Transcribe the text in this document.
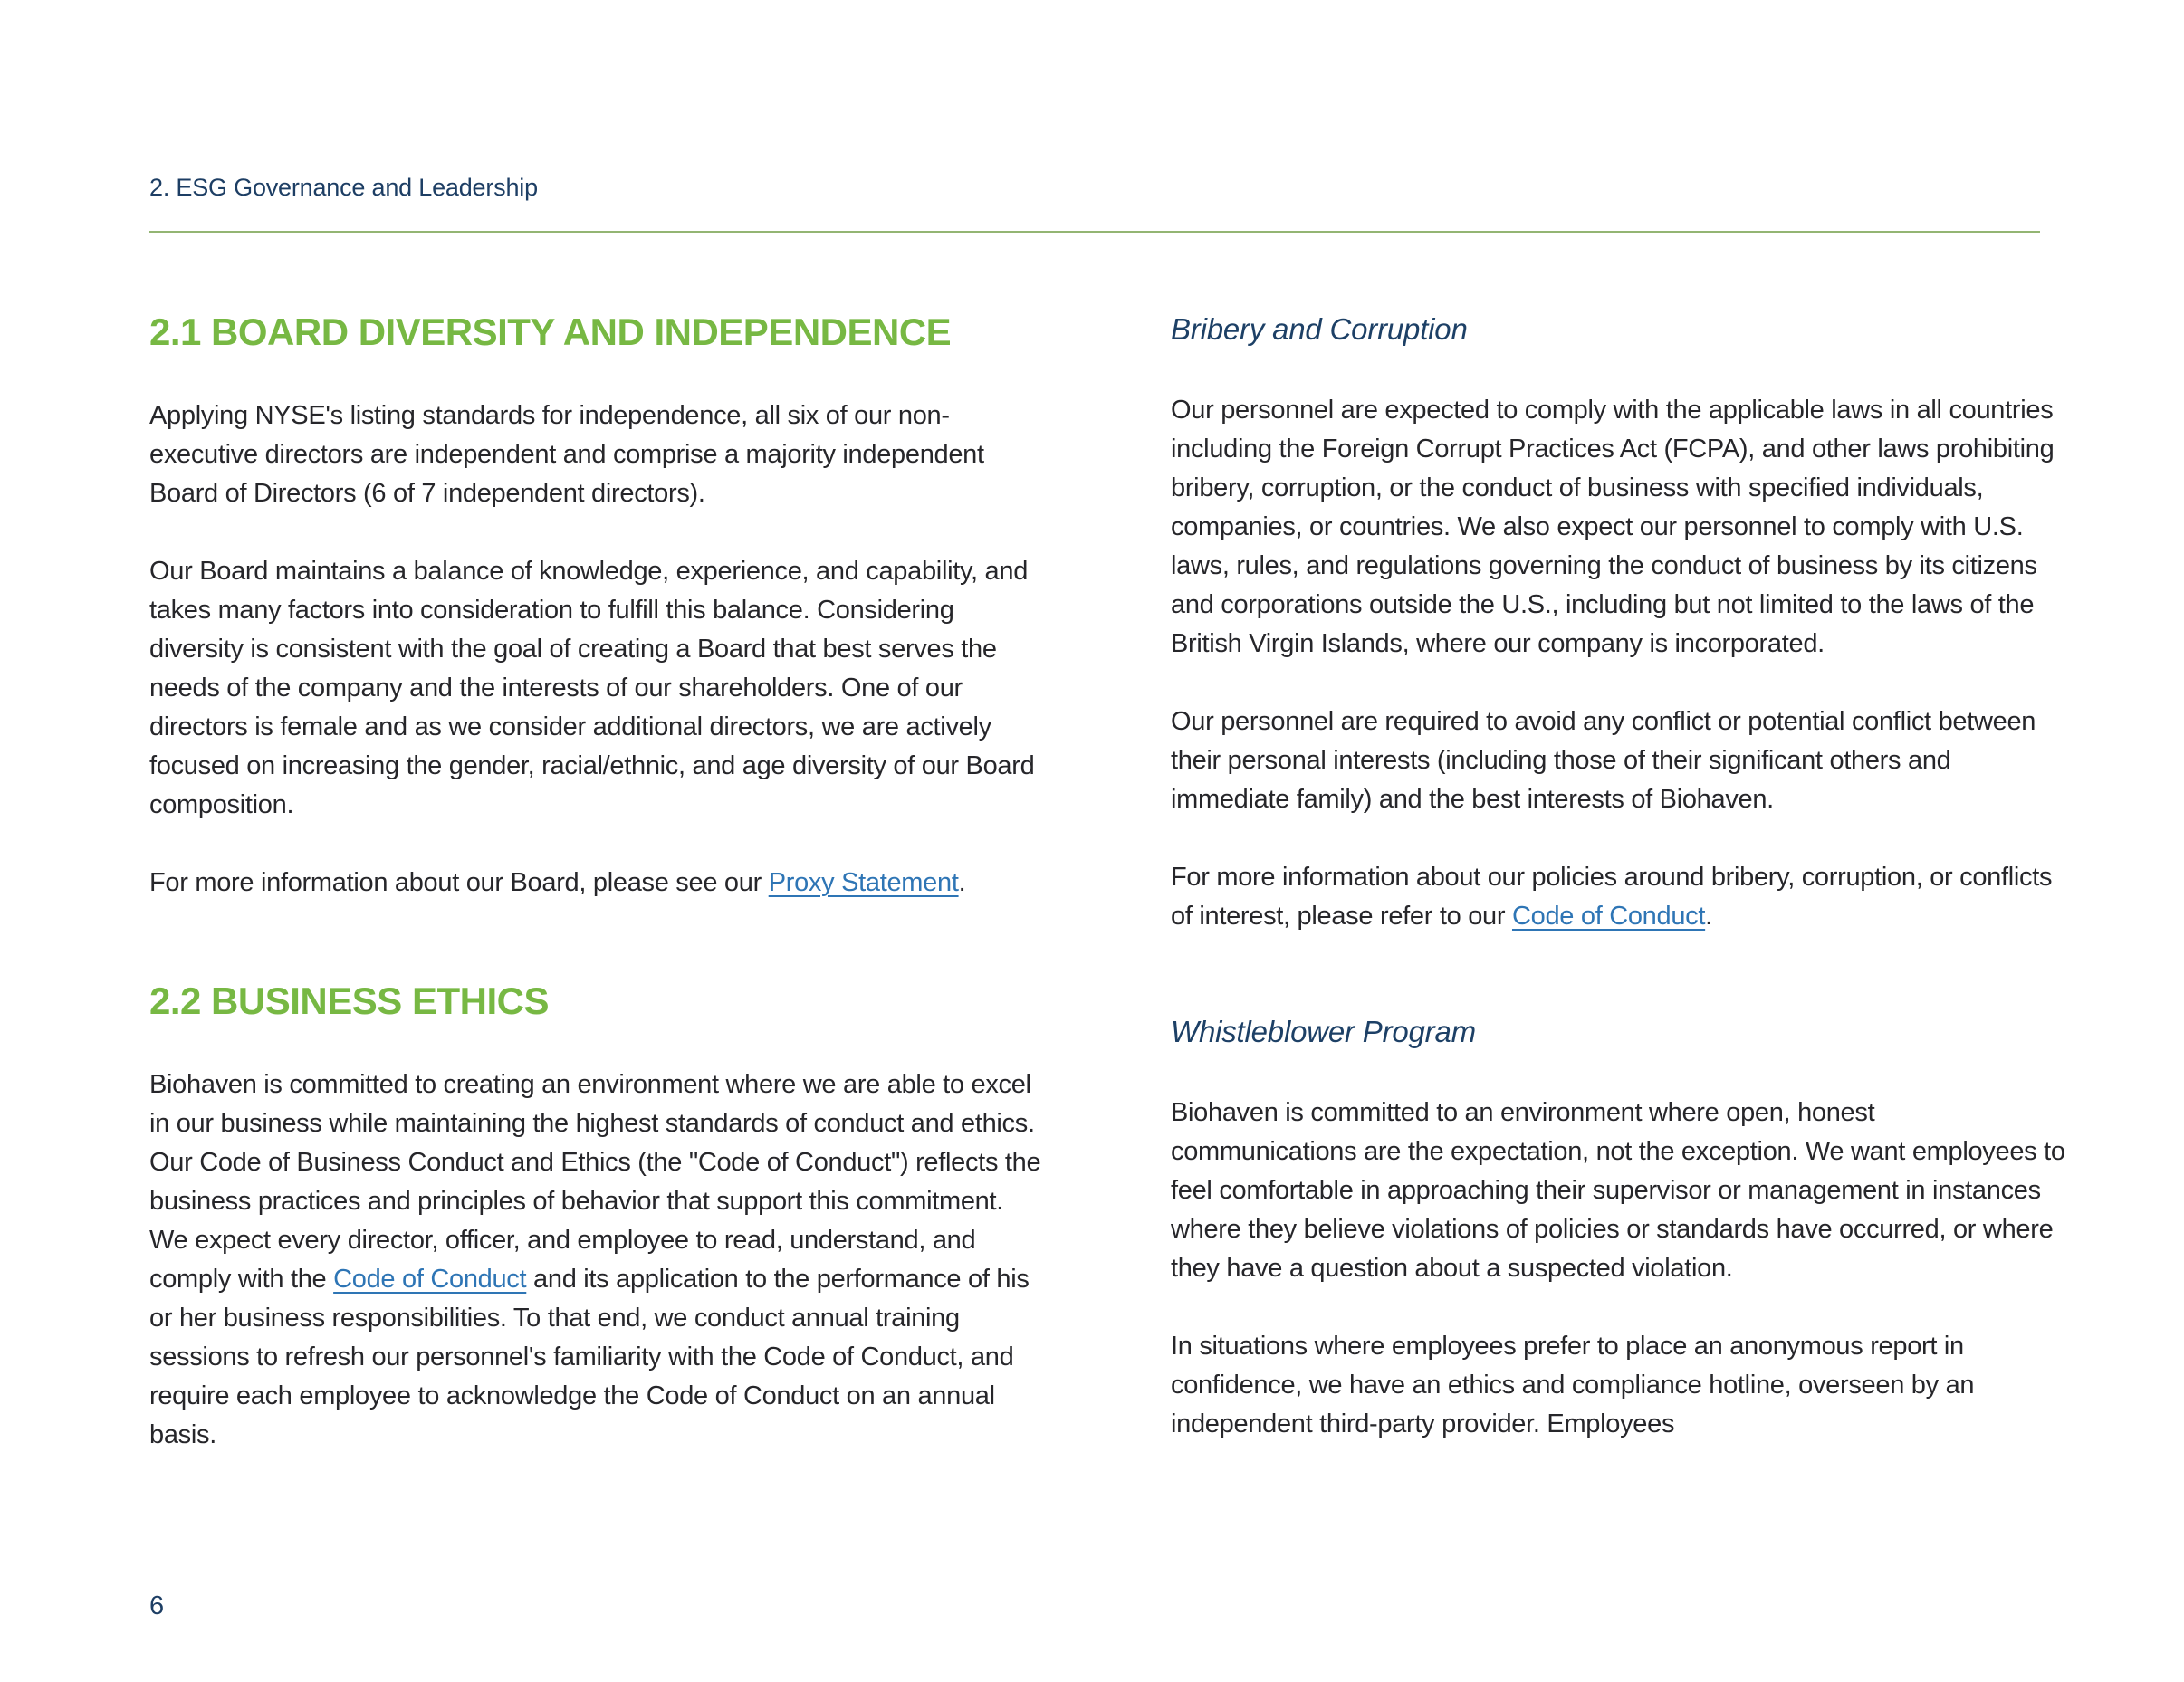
2. ESG Governance and Leadership
2.1 BOARD DIVERSITY AND INDEPENDENCE

Applying NYSE's listing standards for independence, all six of our non-executive directors are independent and comprise a majority independent Board of Directors (6 of 7 independent directors).

Our Board maintains a balance of knowledge, experience, and capability, and takes many factors into consideration to fulfill this balance. Considering diversity is consistent with the goal of creating a Board that best serves the needs of the company and the interests of our shareholders. One of our directors is female and as we consider additional directors, we are actively focused on increasing the gender, racial/ethnic, and age diversity of our Board composition.

For more information about our Board, please see our Proxy Statement.

2.2 BUSINESS ETHICS

Biohaven is committed to creating an environment where we are able to excel in our business while maintaining the highest standards of conduct and ethics. Our Code of Business Conduct and Ethics (the "Code of Conduct") reflects the business practices and principles of behavior that support this commitment. We expect every director, officer, and employee to read, understand, and comply with the Code of Conduct and its application to the performance of his or her business responsibilities. To that end, we conduct annual training sessions to refresh our personnel's familiarity with the Code of Conduct, and require each employee to acknowledge the Code of Conduct on an annual basis.

Bribery and Corruption

Our personnel are expected to comply with the applicable laws in all countries including the Foreign Corrupt Practices Act (FCPA), and other laws prohibiting bribery, corruption, or the conduct of business with specified individuals, companies, or countries. We also expect our personnel to comply with U.S. laws, rules, and regulations governing the conduct of business by its citizens and corporations outside the U.S., including but not limited to the laws of the British Virgin Islands, where our company is incorporated.

Our personnel are required to avoid any conflict or potential conflict between their personal interests (including those of their significant others and immediate family) and the best interests of Biohaven.

For more information about our policies around bribery, corruption, or conflicts of interest, please refer to our Code of Conduct.

Whistleblower Program

Biohaven is committed to an environment where open, honest communications are the expectation, not the exception. We want employees to feel comfortable in approaching their supervisor or management in instances where they believe violations of policies or standards have occurred, or where they have a question about a suspected violation.

In situations where employees prefer to place an anonymous report in confidence, we have an ethics and compliance hotline, overseen by an independent third-party provider. Employees

6
